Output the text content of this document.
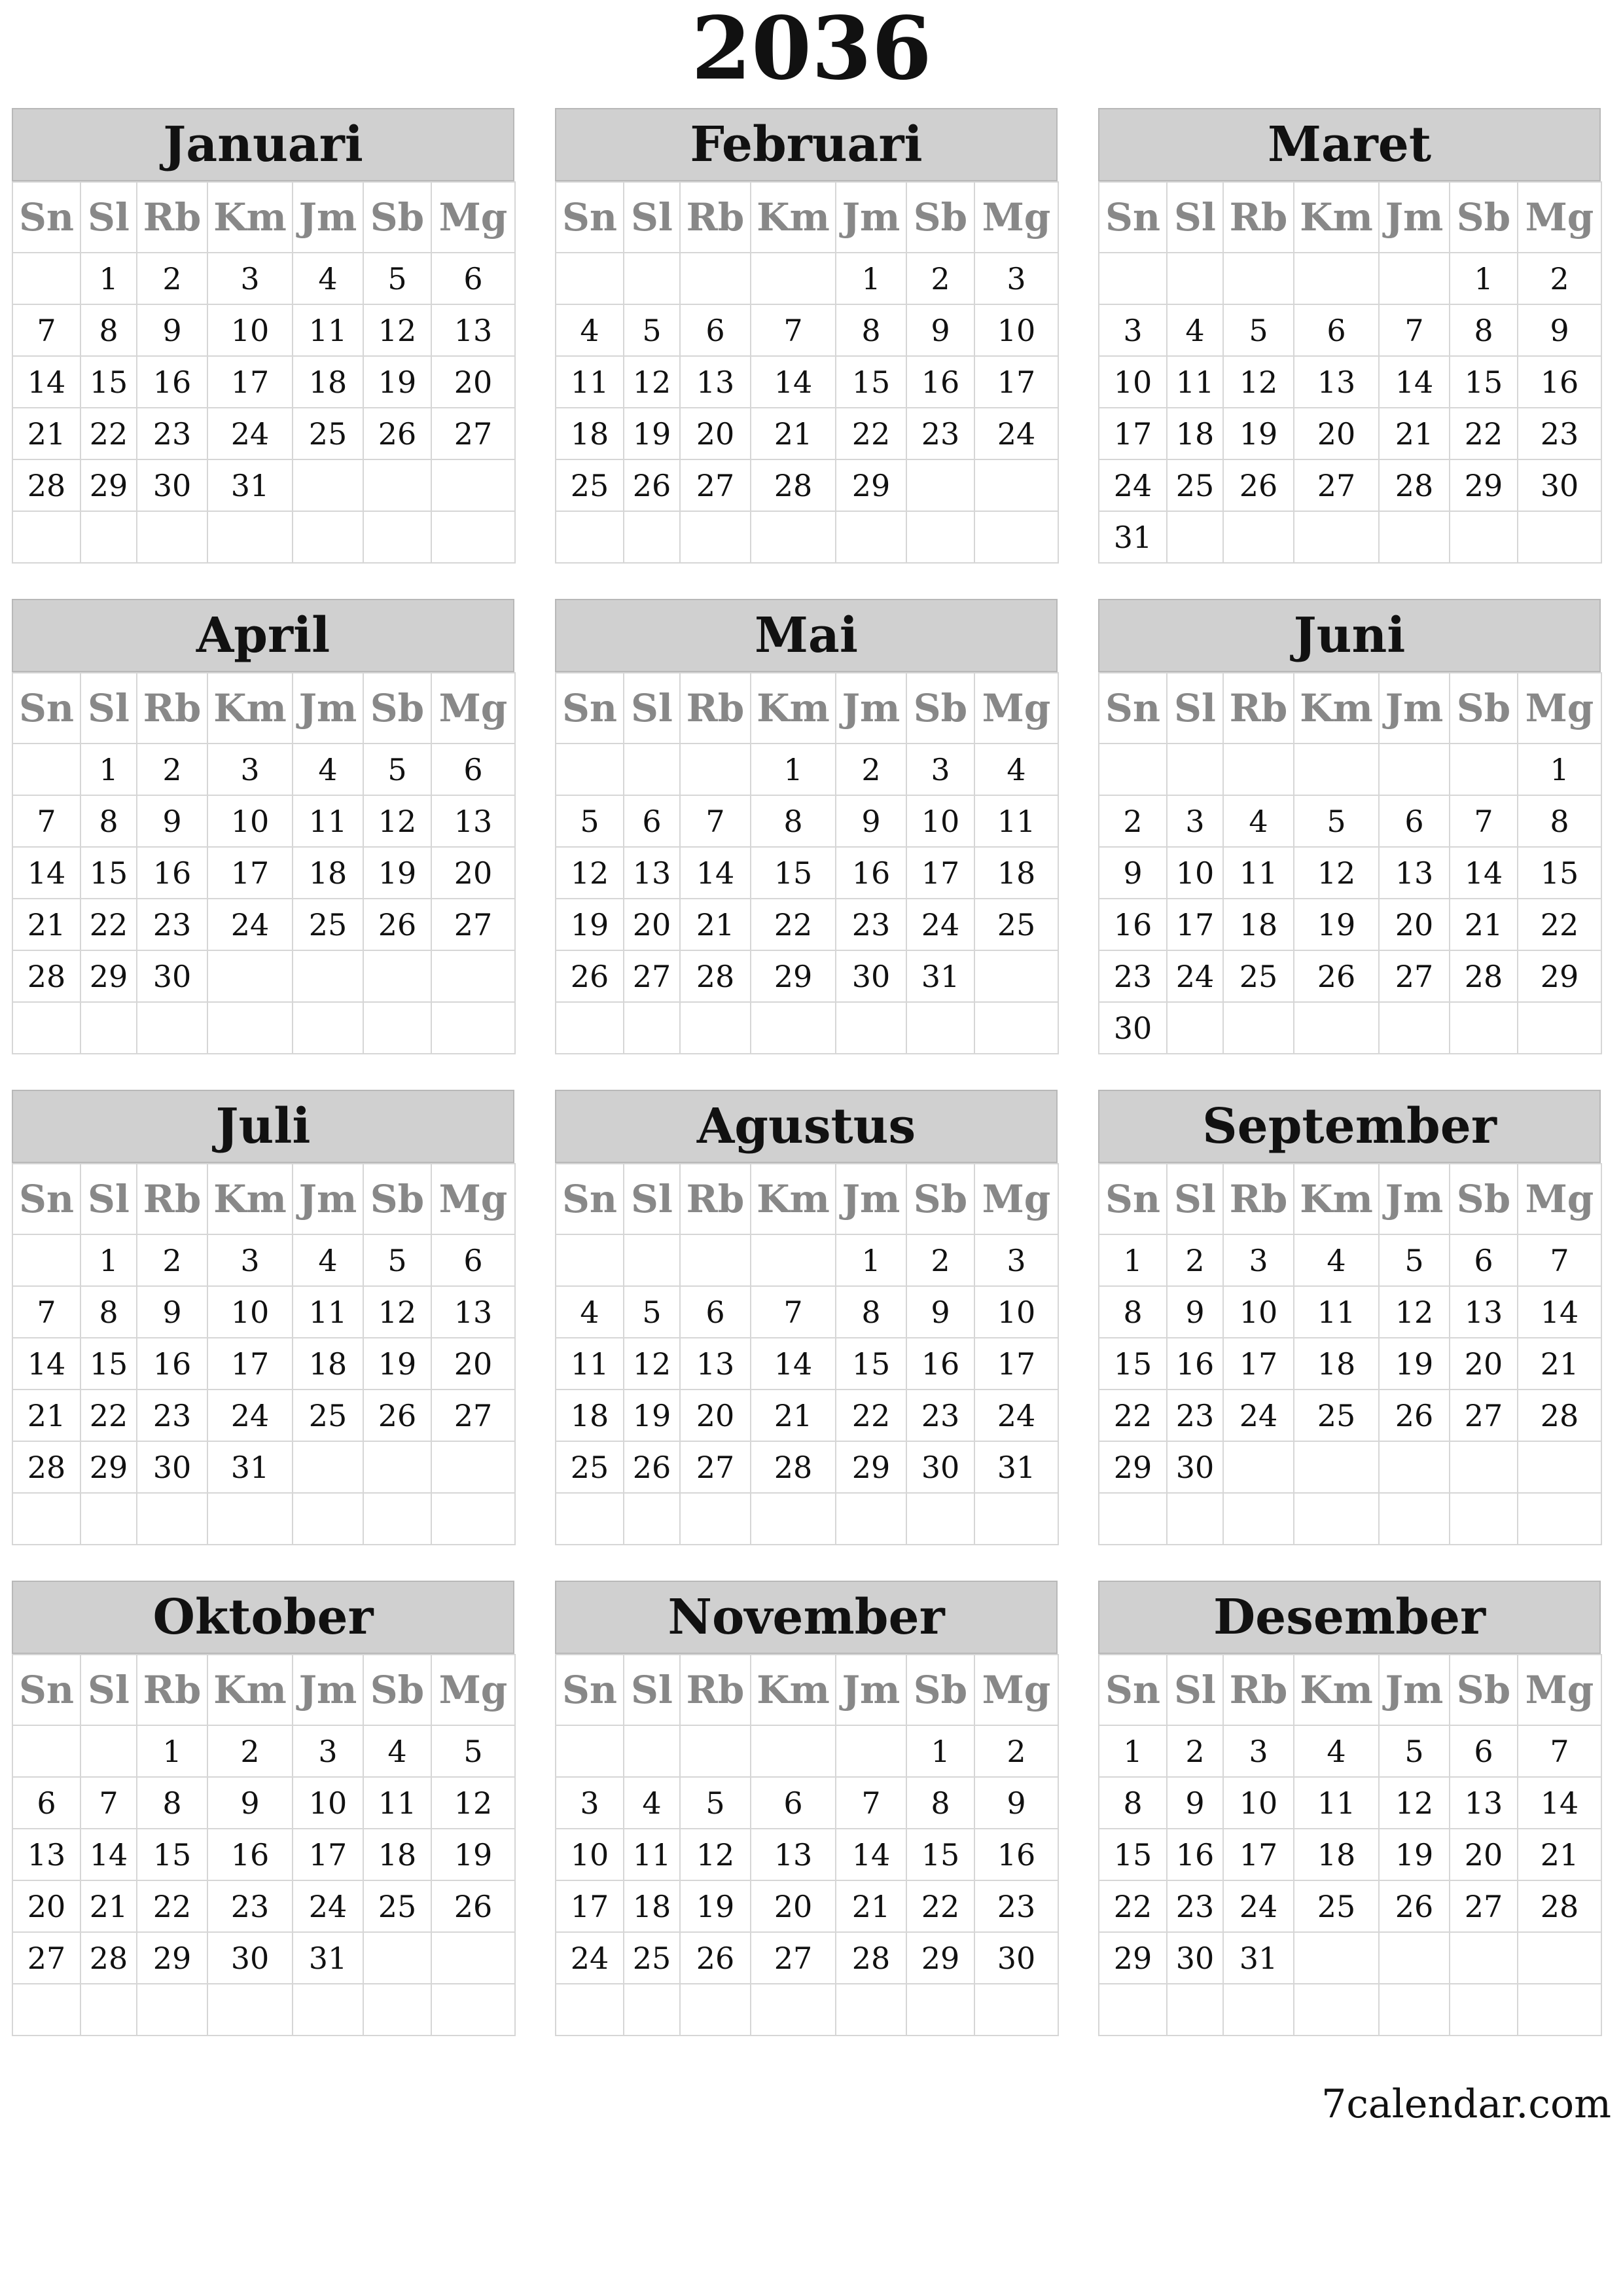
2036
Januari
Sn	Sl	Rb	Km	Jm	Sb	Mg
	1	2	3	4	5	6
7	8	9	10	11	12	13
14	15	16	17	18	19	20
21	22	23	24	25	26	27
28	29	30	31			

Februari
Sn	Sl	Rb	Km	Jm	Sb	Mg
				1	2	3
4	5	6	7	8	9	10
11	12	13	14	15	16	17
18	19	20	21	22	23	24
25	26	27	28	29		

Maret
Sn	Sl	Rb	Km	Jm	Sb	Mg
					1	2
3	4	5	6	7	8	9
10	11	12	13	14	15	16
17	18	19	20	21	22	23
24	25	26	27	28	29	30
31						
April
Sn	Sl	Rb	Km	Jm	Sb	Mg
	1	2	3	4	5	6
7	8	9	10	11	12	13
14	15	16	17	18	19	20
21	22	23	24	25	26	27
28	29	30				

Mai
Sn	Sl	Rb	Km	Jm	Sb	Mg
			1	2	3	4
5	6	7	8	9	10	11
12	13	14	15	16	17	18
19	20	21	22	23	24	25
26	27	28	29	30	31	

Juni
Sn	Sl	Rb	Km	Jm	Sb	Mg
						1
2	3	4	5	6	7	8
9	10	11	12	13	14	15
16	17	18	19	20	21	22
23	24	25	26	27	28	29
30						
Juli
Sn	Sl	Rb	Km	Jm	Sb	Mg
	1	2	3	4	5	6
7	8	9	10	11	12	13
14	15	16	17	18	19	20
21	22	23	24	25	26	27
28	29	30	31			

Agustus
Sn	Sl	Rb	Km	Jm	Sb	Mg
				1	2	3
4	5	6	7	8	9	10
11	12	13	14	15	16	17
18	19	20	21	22	23	24
25	26	27	28	29	30	31

September
Sn	Sl	Rb	Km	Jm	Sb	Mg
1	2	3	4	5	6	7
8	9	10	11	12	13	14
15	16	17	18	19	20	21
22	23	24	25	26	27	28
29	30					

Oktober
Sn	Sl	Rb	Km	Jm	Sb	Mg
		1	2	3	4	5
6	7	8	9	10	11	12
13	14	15	16	17	18	19
20	21	22	23	24	25	26
27	28	29	30	31		

November
Sn	Sl	Rb	Km	Jm	Sb	Mg
					1	2
3	4	5	6	7	8	9
10	11	12	13	14	15	16
17	18	19	20	21	22	23
24	25	26	27	28	29	30

Desember
Sn	Sl	Rb	Km	Jm	Sb	Mg
1	2	3	4	5	6	7
8	9	10	11	12	13	14
15	16	17	18	19	20	21
22	23	24	25	26	27	28
29	30	31				

7calendar.com
